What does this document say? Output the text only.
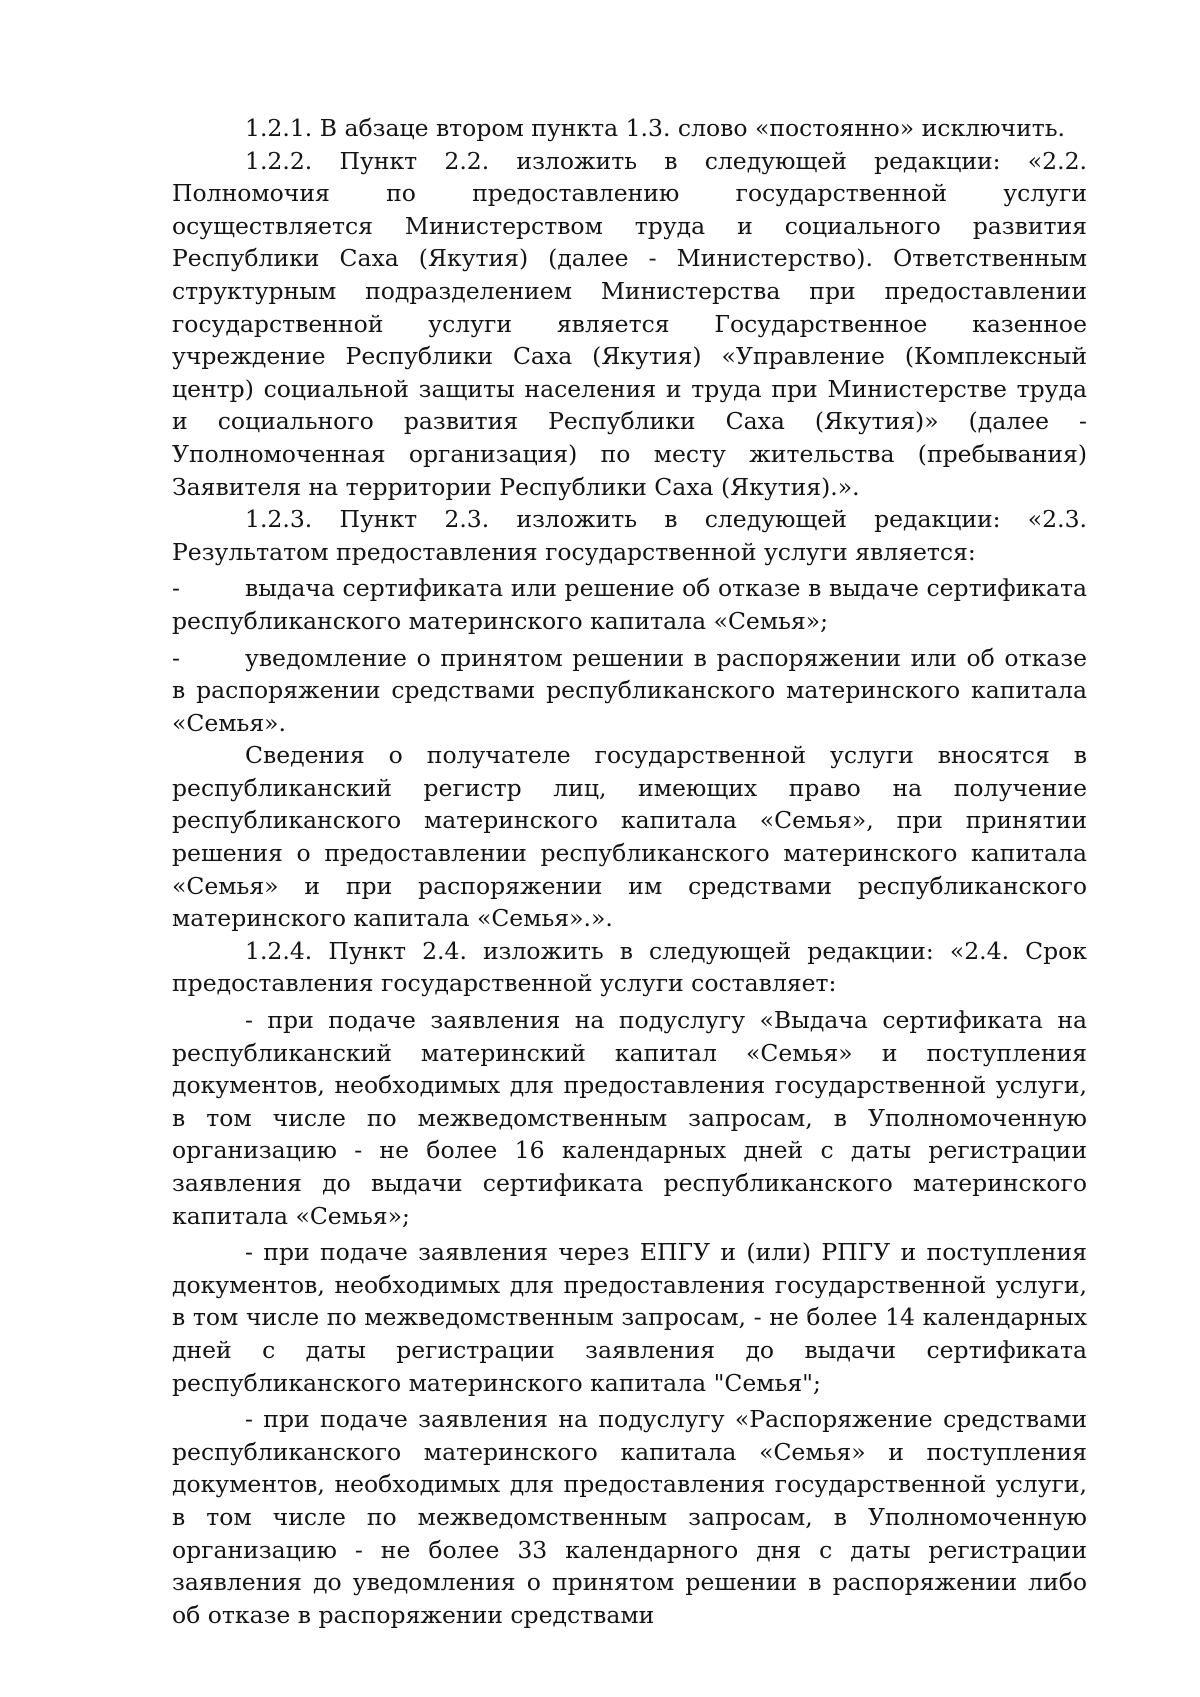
1.2.1. В абзаце втором пункта 1.3. слово «постоянно» исключить.

1.2.2. Пункт 2.2. изложить в следующей редакции: «2.2. Полномочия по предоставлению государственной услуги осуществляется Министерством труда и социального развития Республики Саха (Якутия) (далее - Министерство). Ответственным структурным подразделением Министерства при предоставлении государственной услуги является Государственное казенное учреждение Республики Саха (Якутия) «Управление (Комплексный центр) социальной защиты населения и труда при Министерстве труда и социального развития Республики Саха (Якутия)» (далее - Уполномоченная организация) по месту жительства (пребывания) Заявителя на территории Республики Саха (Якутия).».

1.2.3. Пункт 2.3. изложить в следующей редакции: «2.3. Результатом предоставления государственной услуги является:

-	выдача сертификата или решение об отказе в выдаче сертификата республиканского материнского капитала «Семья»;

-	уведомление о принятом решении в распоряжении или об отказе в распоряжении средствами республиканского материнского капитала «Семья».

Сведения о получателе государственной услуги вносятся в республиканский регистр лиц, имеющих право на получение республиканского материнского капитала «Семья», при принятии решения о предоставлении республиканского материнского капитала «Семья» и при распоряжении им средствами республиканского материнского капитала «Семья».».

1.2.4. Пункт 2.4. изложить в следующей редакции: «2.4. Срок предоставления государственной услуги составляет:

- при подаче заявления на подуслугу «Выдача сертификата на республиканский материнский капитал «Семья» и поступления документов, необходимых для предоставления государственной услуги, в том числе по межведомственным запросам, в Уполномоченную организацию - не более 16 календарных дней с даты регистрации заявления до выдачи сертификата республиканского материнского капитала «Семья»;

- при подаче заявления через ЕПГУ и (или) РПГУ и поступления документов, необходимых для предоставления государственной услуги, в том числе по межведомственным запросам, - не более 14 календарных дней с даты регистрации заявления до выдачи сертификата республиканского материнского капитала "Семья";

- при подаче заявления на подуслугу «Распоряжение средствами республиканского материнского капитала «Семья» и поступления документов, необходимых для предоставления государственной услуги, в том числе по межведомственным запросам, в Уполномоченную организацию - не более 33 календарного дня с даты регистрации заявления до уведомления о принятом решении в распоряжении либо об отказе в распоряжении средствами
